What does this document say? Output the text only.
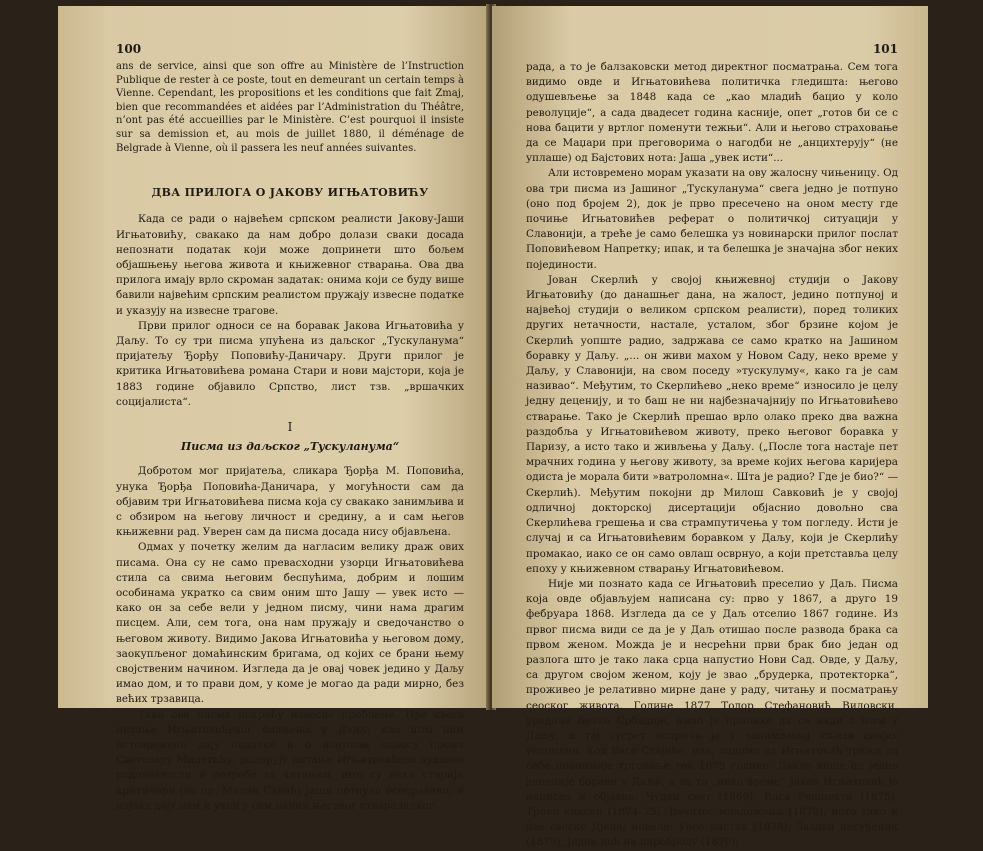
100

ans de service, ainsi que son offre au Ministère de l’Instruction Publique de rester à ce poste, tout en demeurant un certain temps à Vienne. Cependant, les propositions et les conditions que fait Zmaj, bien que recommandées et aidées par l’Administration du Théâtre, n’ont pas été accueillies par le Ministère. C’est pourquoi il insiste sur sa demission et, au mois de juillet 1880, il déménage de Belgrade à Vienne, où il passera les neuf années suivantes.

ДВА ПРИЛОГА О ЈАКОВУ ИГЊАТОВИЋУ

Када се ради о највећем српском реалисти Јакову-Јаши Игњатовићу, свакако да нам добро долази сваки досада непознати податак који може допринети што бољем објашњењу његова живота и књижевног стварања. Ова два прилога имају врло скроман задатак: онима који се буду више бавили највећим српским реалистом пружају извесне податке и указују на извесне трагове.

Први прилог односи се на боравак Јакова Игњатовића у Даљу. То су три писма упућена из даљског „Тускуланума“ пријатељу Ђорђу Поповићу-Даничару. Други прилог је критика Игњатовићева романа Стари и нови мајстори, која је 1883 године објавило Српство, лист тзв. „вршачких социјалиста“.

I
Писма из даљског „Тускуланума“

Добротом мог пријатеља, сликара Ђорђа М. Поповића, унука Ђорђа Поповића-Даничара, у могућности сам да објавим три Игњатовићева писма која су свакако занимљива и с обзиром на његову личност и средину, а и сам његов књижевни рад. Уверен сам да писма досада нису објављена.

Одмах у почетку желим да нагласим велику драж ових писама. Она су не само превасходни узорци Игњатовићева стила са свима његовим беспућима, добрим и лошим особинама укратко са свим оним што Јашу — увек исто — како он за себе вели у једном писму, чини нама драгим писцем. Али, сем тога, она нам пружају и сведочанство о његовом животу. Видимо Јакова Игњатовића у његовом дому, заокупљеног домаћинским бригама, од којих се брани њему својственим начином. Изгледа да је овај човек једино у Даљу имао дом, и то прави дом, у коме је могао да ради мирно, без већих трзавица.

Тако ова писма покрећу извесне проблеме. Пре свега питање Игњатовићевог бављења у Даљу, као што нам истовремено дају податке и о његовом односу према Светозару Милетићу, додирују питање Игњатовићеве духовне радозналости и потребе за читањем, што су неки старији критичари (на пр. Милан Савић) Јаши потпуно оспоравали; и најзад дају нам и увид у сам начин његовог стваралачког

101

рада, а то је балзаковски метод директног посматрања. Сем тога видимо овде и Игњатовићева политичка гледишта: његово одушевљење за 1848 када се „као младић бацио у коло револуције“, а садa двадесет година касније, опет „готов би се с нова бацити у вртлог поменути тежњи“. Али и његово страховање да се Маџари при преговорима о нагодби не „анцихтерују“ (не уплаше) од Бајстових нота: Јаша „увек исти“...

Али истовремено морам указати на ову жалосну чињеницу. Од ова три писма из Јашиног „Тускуланума“ свега једно је потпуно (оно под бројем 2), док је прво пресечено на оном месту где почиње Игњатовићев реферат о политичкој ситуацији у Славонији, а треће је само белешка уз новинарски прилог послат Поповићевом Напретку; ипак, и та белешка је значајна због неких појединости.

Јован Скерлић у својој књижевној студији о Јакову Игњатовићу (до данашњег дана, на жалост, једино потпуној и највећој студији о великом српском реалисти), поред толиких других нетачности, настале, усталом, због брзине којом је Скерлић уопште радио, задржава се само кратко на Јашином боравку у Даљу. „... он живи махом у Новом Саду, неко време у Даљу, у Славонији, на свом поседу »тускулуму«, како га је сам називао“. Међутим, то Скерлићево „неко време“ износило је целу једну деценију, и то баш не ни најбезначајнију по Игњатовићево стварање. Тако је Скерлић прешао врло олако преко два важна раздобља у Игњатовићевом животу, преко његовог боравка у Паризу, а исто тако и живљења у Даљу. („После тога настаје пет мрачних година у његову животу, за време којих његова каријера одиста је морала бити »ватроломна«. Шта је радио? Где је био?“ — Скерлић). Међутим покојни др Милош Савковић је у својој одличној докторској дисертацији објаснио довољно сва Скерлићева грешења и сва стрампутичења у том погледу. Исти је случај и са Игњатовићевим боравком у Даљу, који је Скерлићу промакао, иако се он само овлаш осврнуо, а који претставља целу епоху у књижевном стварању Игњатовићевом.

Није ми познато када се Игњатовић преселио у Даљ. Писма која овде објављујем написана су: прво у 1867, а друго 19 фебруара 1868. Изгледа да се у Даљ отселио 1867 године. Из првог писма види се да је у Даљ отишао после развода брака са првом женом. Можда је и несрећни први брак био један од разлога што је тако лака срца напустио Нови Сад. Овде, у Даљу, са другом својом женом, коју је звао „брудерка, протекторка“, проживео је релативно мирне дане у раду, читању и посматрању сеоског живота. Године 1877 Тодор Стефановић Виловски, уредник бечке Србадије, имао је прилике да се види с њим у Даљу, и тај сусрет исприча је у занимљивој књизи својих успомена. Код Васе Стајића, пак, видимо да Игњатовић тражи за себе повољније трговање тек 1879 године. Дакле више од једне деценије борави у Даљу, а за то „неко време“ Јаков Игњатовић је написао и објавио: Чудан свет (1869), Васа Решпекта (1875), Трпен спасен (1874–75), Вечитог младожења (1878), исто тако и две свеске Дјела; новеле: Увео листак (1878), Заздан несуђеник (1879), Једна ноћ на пароброду (1879),
